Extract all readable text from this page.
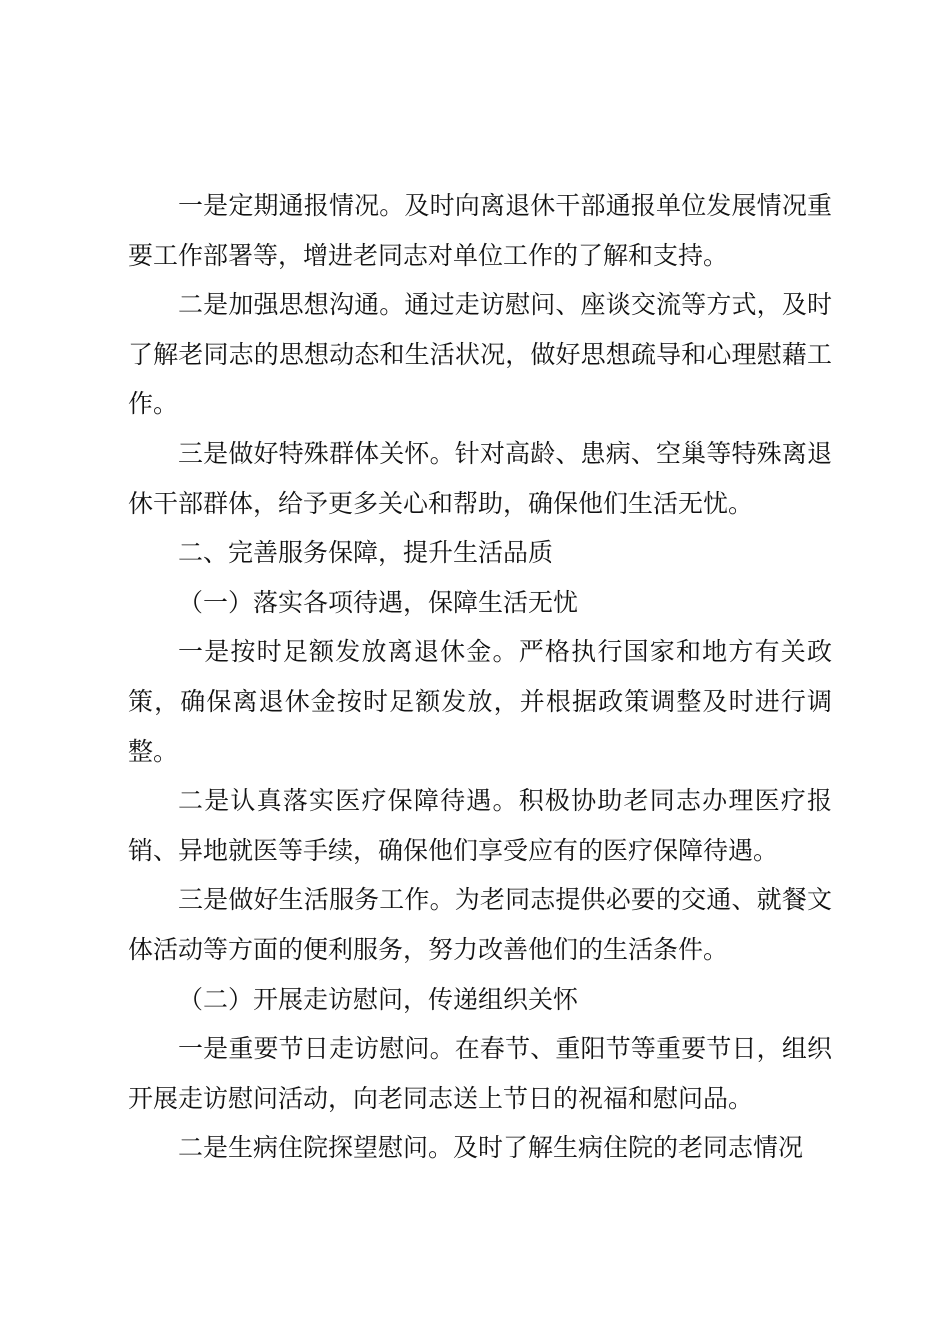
一是定期通报情况。及时向离退休干部通报单位发展情况重要工作部署等，增进老同志对单位工作的了解和支持。

二是加强思想沟通。通过走访慰问、座谈交流等方式，及时了解老同志的思想动态和生活状况，做好思想疏导和心理慰藉工作。

三是做好特殊群体关怀。针对高龄、患病、空巢等特殊离退休干部群体，给予更多关心和帮助，确保他们生活无忧。

二、完善服务保障，提升生活品质

（一）落实各项待遇，保障生活无忧

一是按时足额发放离退休金。严格执行国家和地方有关政策，确保离退休金按时足额发放，并根据政策调整及时进行调整。

二是认真落实医疗保障待遇。积极协助老同志办理医疗报销、异地就医等手续，确保他们享受应有的医疗保障待遇。

三是做好生活服务工作。为老同志提供必要的交通、就餐文体活动等方面的便利服务，努力改善他们的生活条件。

（二）开展走访慰问，传递组织关怀

一是重要节日走访慰问。在春节、重阳节等重要节日，组织开展走访慰问活动，向老同志送上节日的祝福和慰问品。

二是生病住院探望慰问。及时了解生病住院的老同志情况
